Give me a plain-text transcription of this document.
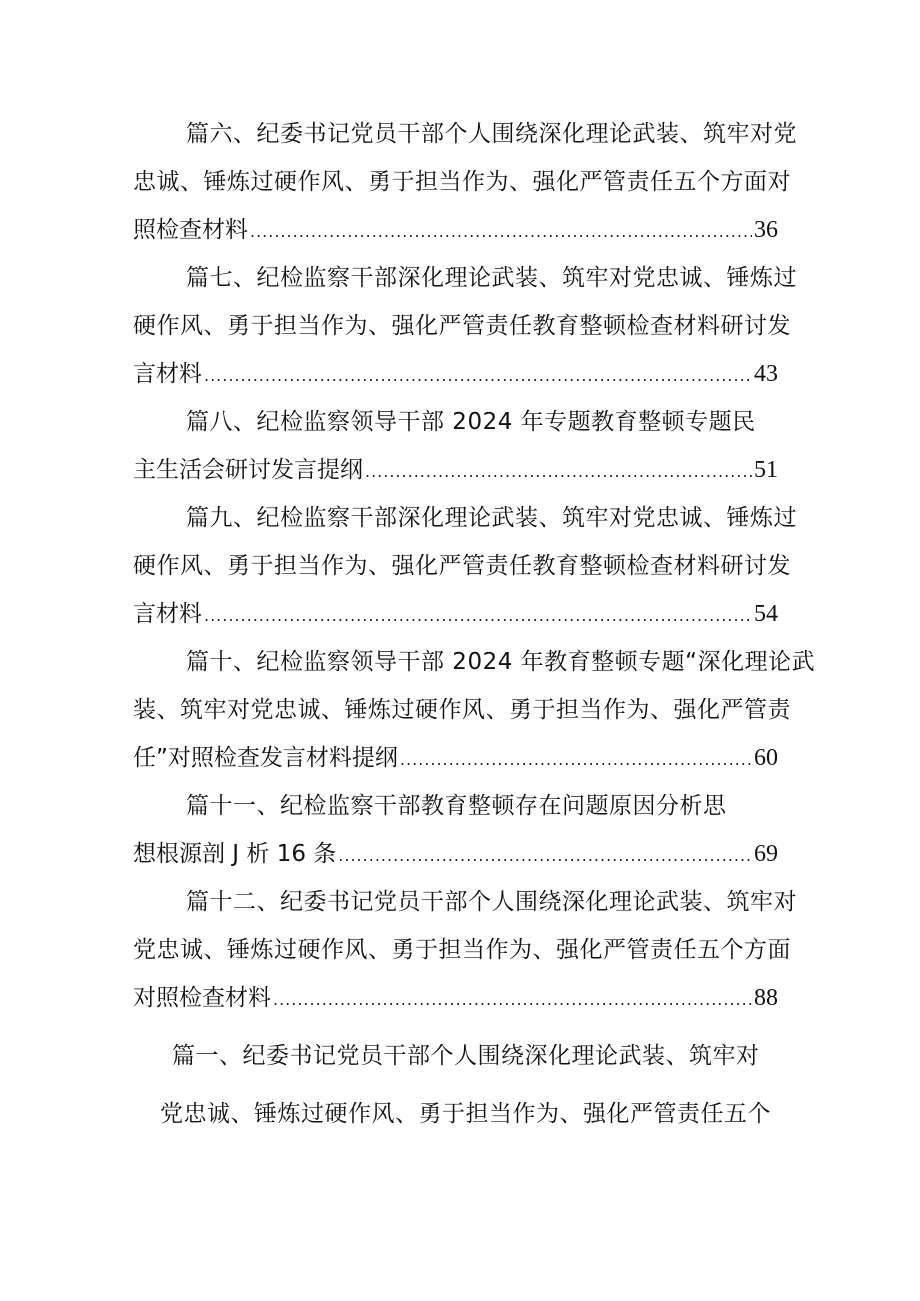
篇六、纪委书记党员干部个人围绕深化理论武装、筑牢对党
忠诚、锤炼过硬作风、勇于担当作为、强化严管责任五个方面对
照检查材料 .....	36
篇七、纪检监察干部深化理论武装、筑牢对党忠诚、锤炼过
硬作风、勇于担当作为、强化严管责任教育整顿检查材料研讨发
言材料 .....	43
篇八、纪检监察领导干部 2024 年专题教育整顿专题民
主生活会研讨发言提纲 .....	51
篇九、纪检监察干部深化理论武装、筑牢对党忠诚、锤炼过
硬作风、勇于担当作为、强化严管责任教育整顿检查材料研讨发
言材料 .....	54
篇十、纪检监察领导干部 2024 年教育整顿专题“深化理论武
装、筑牢对党忠诚、锤炼过硬作风、勇于担当作为、强化严管责
任”对照检查发言材料提纲 .....	60
篇十一、纪检监察干部教育整顿存在问题原因分析思
想根源剖 J 析 16 条 .....	69
篇十二、纪委书记党员干部个人围绕深化理论武装、筑牢对
党忠诚、锤炼过硬作风、勇于担当作为、强化严管责任五个方面
对照检查材料 .....	88
篇一、纪委书记党员干部个人围绕深化理论武装、筑牢对
党忠诚、锤炼过硬作风、勇于担当作为、强化严管责任五个
